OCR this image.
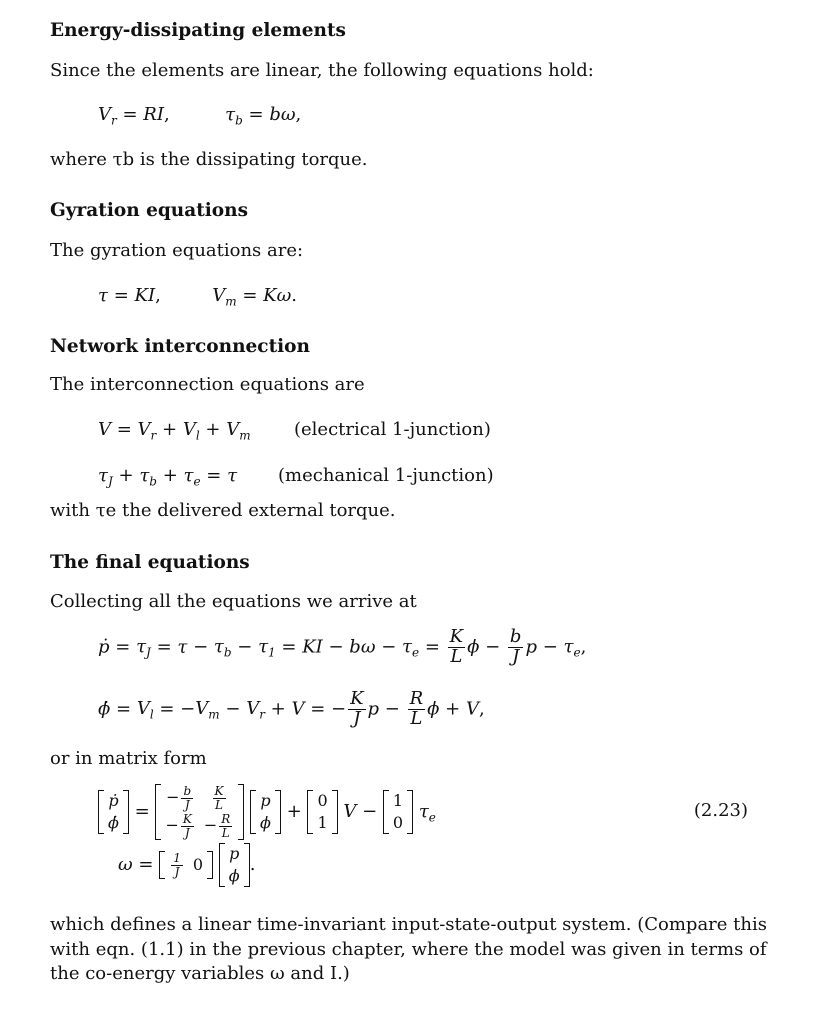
Energy-dissipating elements
Since the elements are linear, the following equations hold:
$V_r$ = RI,	$\tau_b = b\omega$,
where τb is the dissipating torque.
Gyration equations
The gyration equations are:
τ = KI,	$V_m = K\omega$.
Network interconnection
The interconnection equations are
$V = V_r + V_l + V_m$ (electrical 1-junction)
$\tau_J + \tau_b + \tau_e = \tau$ (mechanical 1-junction)
with τe the delivered external torque.
The final equations
Collecting all the equations we arrive at
ṗ = $\tau_J = \tau - \tau_b - \tau_1$ = KI − $b\omega - \tau_e = \frac{K}{L}$ $\phi - \frac{b}{J}$ $p - \tau_e$,
ϕ̇ = $V_l = -V_m - V_r + V$ = − $\frac{K}{J}$ $p - \frac{R}{L}$ ϕ + V,
or in matrix form
ṗ
ϕ̇
=
− $\frac{b}{J}$	$\frac{K}{L}$

− $\frac{K}{J}$	− $\frac{R}{L}$

p
ϕ
+
0
1
V −
1
0
$\tau_e$	(2.23)
$\omega = \frac{1}{J}$	0

p
ϕ
.
which defines a linear time-invariant input-state-output system. (Compare this
with eqn. (1.1) in the previous chapter, where the model was given in terms of
the co-energy variables ω and I.)
